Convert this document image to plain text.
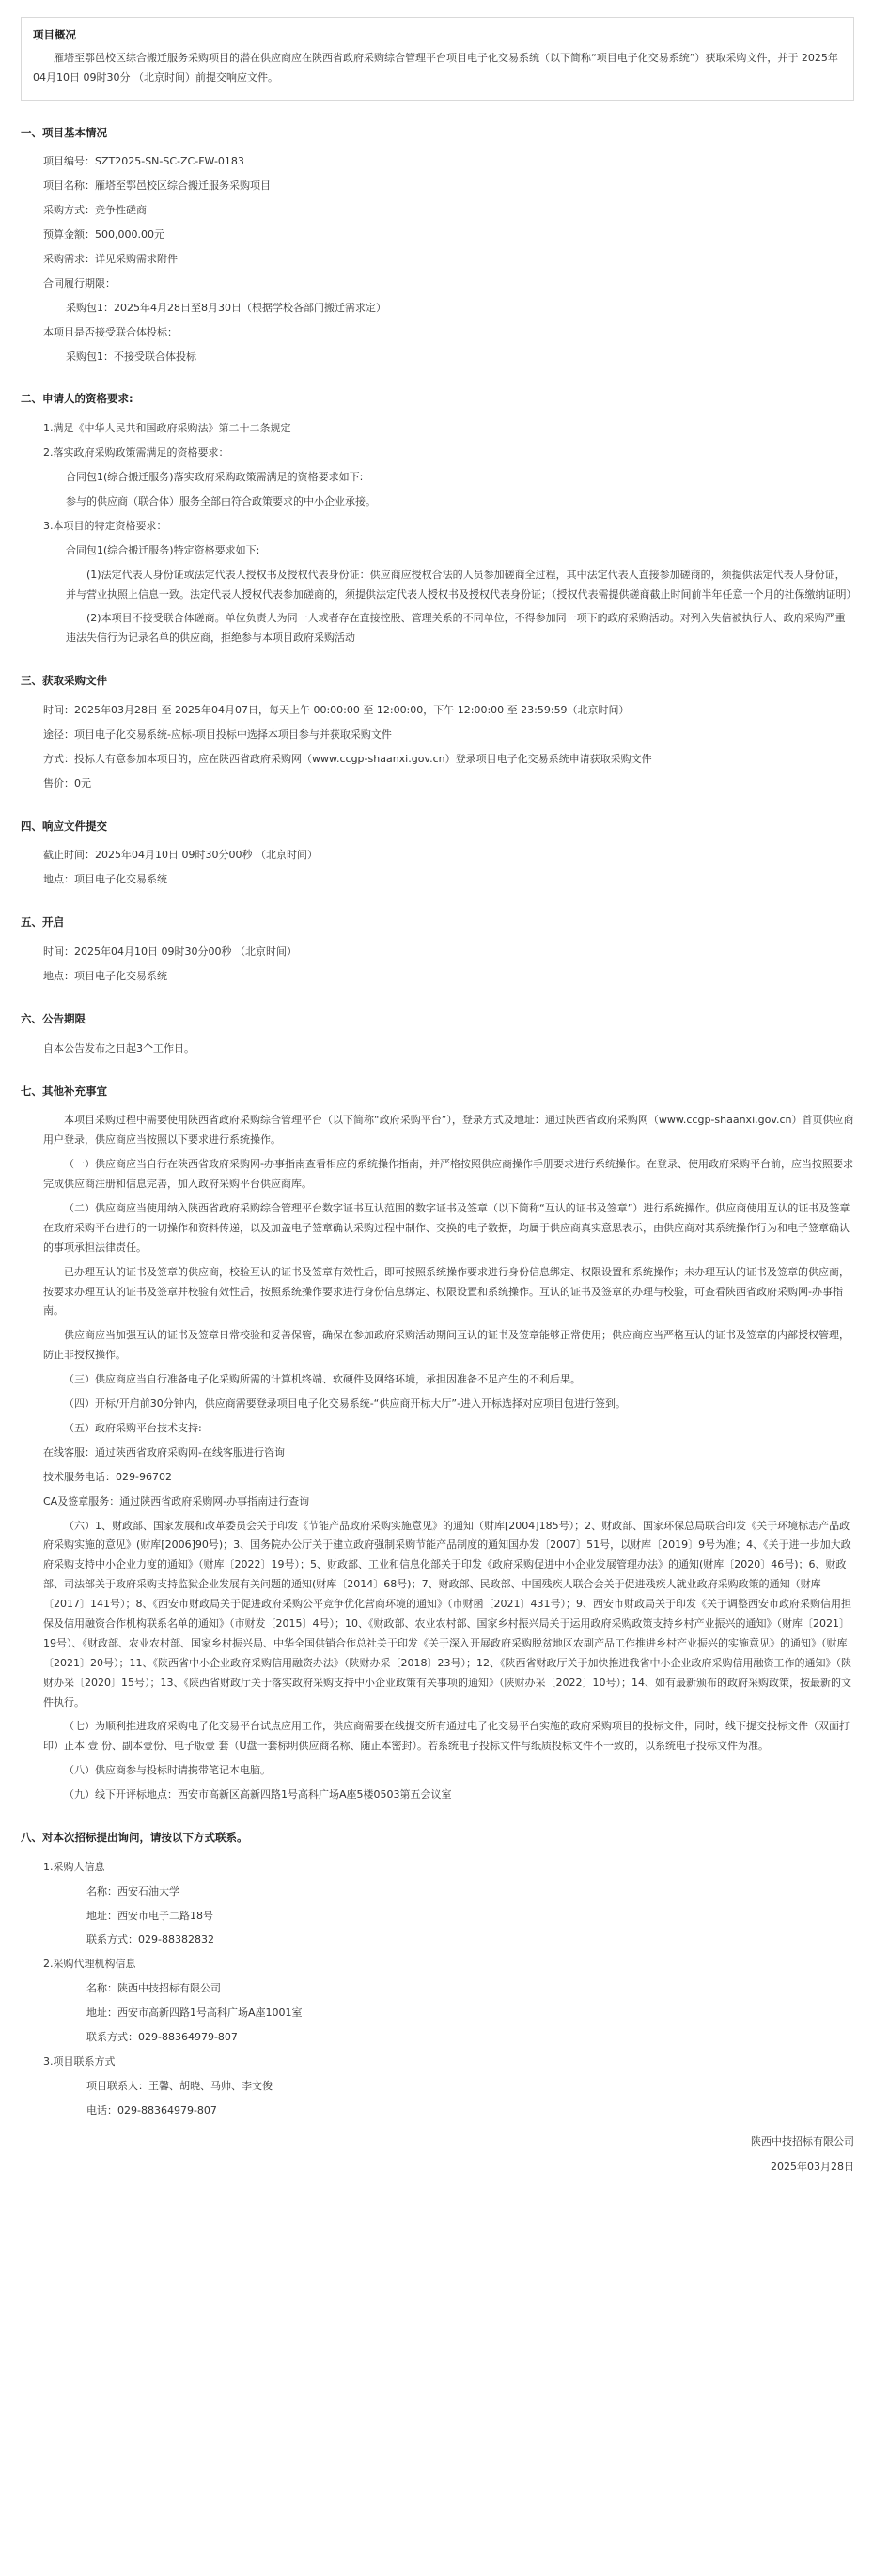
项目概况
雁塔至鄠邑校区综合搬迁服务采购项目的潜在供应商应在陕西省政府采购综合管理平台项目电子化交易系统（以下简称“项目电子化交易系统”）获取采购文件，并于 2025年04月10日 09时30分 （北京时间）前提交响应文件。
一、项目基本情况
项目编号：SZT2025-SN-SC-ZC-FW-0183
项目名称：雁塔至鄠邑校区综合搬迁服务采购项目
采购方式：竞争性磋商
预算金额：500,000.00元
采购需求：详见采购需求附件
合同履行期限：
采购包1：2025年4月28日至8月30日（根据学校各部门搬迁需求定）
本项目是否接受联合体投标：
采购包1：不接受联合体投标
二、申请人的资格要求:
1.满足《中华人民共和国政府采购法》第二十二条规定
2.落实政府采购政策需满足的资格要求：
合同包1(综合搬迁服务)落实政府采购政策需满足的资格要求如下:
参与的供应商（联合体）服务全部由符合政策要求的中小企业承接。
3.本项目的特定资格要求：
合同包1(综合搬迁服务)特定资格要求如下:
(1)法定代表人身份证或法定代表人授权书及授权代表身份证：供应商应授权合法的人员参加磋商全过程，其中法定代表人直接参加磋商的，须提供法定代表人身份证，并与营业执照上信息一致。法定代表人授权代表参加磋商的，须提供法定代表人授权书及授权代表身份证；（授权代表需提供磋商截止时间前半年任意一个月的社保缴纳证明）
(2)本项目不接受联合体磋商。单位负责人为同一人或者存在直接控股、管理关系的不同单位，不得参加同一项下的政府采购活动。对列入失信被执行人、政府采购严重违法失信行为记录名单的供应商，拒绝参与本项目政府采购活动
三、获取采购文件
时间：2025年03月28日 至 2025年04月07日，每天上午 00:00:00 至 12:00:00，下午 12:00:00 至 23:59:59（北京时间）
途径：项目电子化交易系统-应标-项目投标中选择本项目参与并获取采购文件
方式：投标人有意参加本项目的，应在陕西省政府采购网（www.ccgp-shaanxi.gov.cn）登录项目电子化交易系统申请获取采购文件
售价：0元
四、响应文件提交
截止时间：2025年04月10日 09时30分00秒 （北京时间）
地点：项目电子化交易系统
五、开启
时间：2025年04月10日 09时30分00秒 （北京时间）
地点：项目电子化交易系统
六、公告期限
自本公告发布之日起3个工作日。
七、其他补充事宜
本项目采购过程中需要使用陕西省政府采购综合管理平台（以下简称“政府采购平台”），登录方式及地址：通过陕西省政府采购网（www.ccgp-shaanxi.gov.cn）首页供应商用户登录，供应商应当按照以下要求进行系统操作。
（一）供应商应当自行在陕西省政府采购网-办事指南查看相应的系统操作指南，并严格按照供应商操作手册要求进行系统操作。在登录、使用政府采购平台前，应当按照要求完成供应商注册和信息完善，加入政府采购平台供应商库。
（二）供应商应当使用纳入陕西省政府采购综合管理平台数字证书互认范围的数字证书及签章（以下简称“互认的证书及签章”）进行系统操作。供应商使用互认的证书及签章在政府采购平台进行的一切操作和资料传递，以及加盖电子签章确认采购过程中制作、交换的电子数据，均属于供应商真实意思表示，由供应商对其系统操作行为和电子签章确认的事项承担法律责任。
已办理互认的证书及签章的供应商，校验互认的证书及签章有效性后，即可按照系统操作要求进行身份信息绑定、权限设置和系统操作；未办理互认的证书及签章的供应商，按要求办理互认的证书及签章并校验有效性后，按照系统操作要求进行身份信息绑定、权限设置和系统操作。互认的证书及签章的办理与校验，可查看陕西省政府采购网-办事指南。
供应商应当加强互认的证书及签章日常校验和妥善保管，确保在参加政府采购活动期间互认的证书及签章能够正常使用；供应商应当严格互认的证书及签章的内部授权管理，防止非授权操作。
（三）供应商应当自行准备电子化采购所需的计算机终端、软硬件及网络环境，承担因准备不足产生的不利后果。
（四）开标/开启前30分钟内，供应商需要登录项目电子化交易系统-“供应商开标大厅”-进入开标选择对应项目包进行签到。
（五）政府采购平台技术支持:
在线客服：通过陕西省政府采购网-在线客服进行咨询
技术服务电话：029-96702
CA及签章服务：通过陕西省政府采购网-办事指南进行查询
（六）1、财政部、国家发展和改革委员会关于印发《节能产品政府采购实施意见》的通知（财库[2004]185号）；2、财政部、国家环保总局联合印发《关于环境标志产品政府采购实施的意见》(财库[2006]90号)；3、国务院办公厅关于建立政府强制采购节能产品制度的通知国办发〔2007〕51号，以财库〔2019〕9号为准；4、《关于进一步加大政府采购支持中小企业力度的通知》（财库〔2022〕19号）；5、财政部、工业和信息化部关于印发《政府采购促进中小企业发展管理办法》的通知(财库〔2020〕46号)；6、财政部、司法部关于政府采购支持监狱企业发展有关问题的通知(财库〔2014〕68号)；7、财政部、民政部、中国残疾人联合会关于促进残疾人就业政府采购政策的通知（财库〔2017〕141号）；8、《西安市财政局关于促进政府采购公平竞争优化营商环境的通知》（市财函〔2021〕431号）；9、西安市财政局关于印发《关于调整西安市政府采购信用担保及信用融资合作机构联系名单的通知》（市财发〔2015〕4号）；10、《财政部、农业农村部、国家乡村振兴局关于运用政府采购政策支持乡村产业振兴的通知》（财库〔2021〕19号）、《财政部、农业农村部、国家乡村振兴局、中华全国供销合作总社关于印发《关于深入开展政府采购脱贫地区农副产品工作推进乡村产业振兴的实施意见》的通知》（财库〔2021〕20号）；11、《陕西省中小企业政府采购信用融资办法》（陕财办采〔2018〕23号）；12、《陕西省财政厅关于加快推进我省中小企业政府采购信用融资工作的通知》（陕财办采〔2020〕15号）；13、《陕西省财政厅关于落实政府采购支持中小企业政策有关事项的通知》（陕财办采〔2022〕10号）；14、如有最新颁布的政府采购政策，按最新的文件执行。
（七）为顺利推进政府采购电子化交易平台试点应用工作，供应商需要在线提交所有通过电子化交易平台实施的政府采购项目的投标文件，同时，线下提交投标文件（双面打印）正本 壹 份、副本壹份、电子版壹 套（U盘一套标明供应商名称、随正本密封）。若系统电子投标文件与纸质投标文件不一致的，以系统电子投标文件为准。
（八）供应商参与投标时请携带笔记本电脑。
（九）线下开评标地点：西安市高新区高新四路1号高科广场A座5楼0503第五会议室
八、对本次招标提出询问，请按以下方式联系。
1.采购人信息
名称：西安石油大学
地址：西安市电子二路18号
联系方式：029-88382832
2.采购代理机构信息
名称：陕西中技招标有限公司
地址：西安市高新四路1号高科广场A座1001室
联系方式：029-88364979-807
3.项目联系方式
项目联系人：王馨、胡晓、马帅、李文俊
电话：029-88364979-807
陕西中技招标有限公司
2025年03月28日
